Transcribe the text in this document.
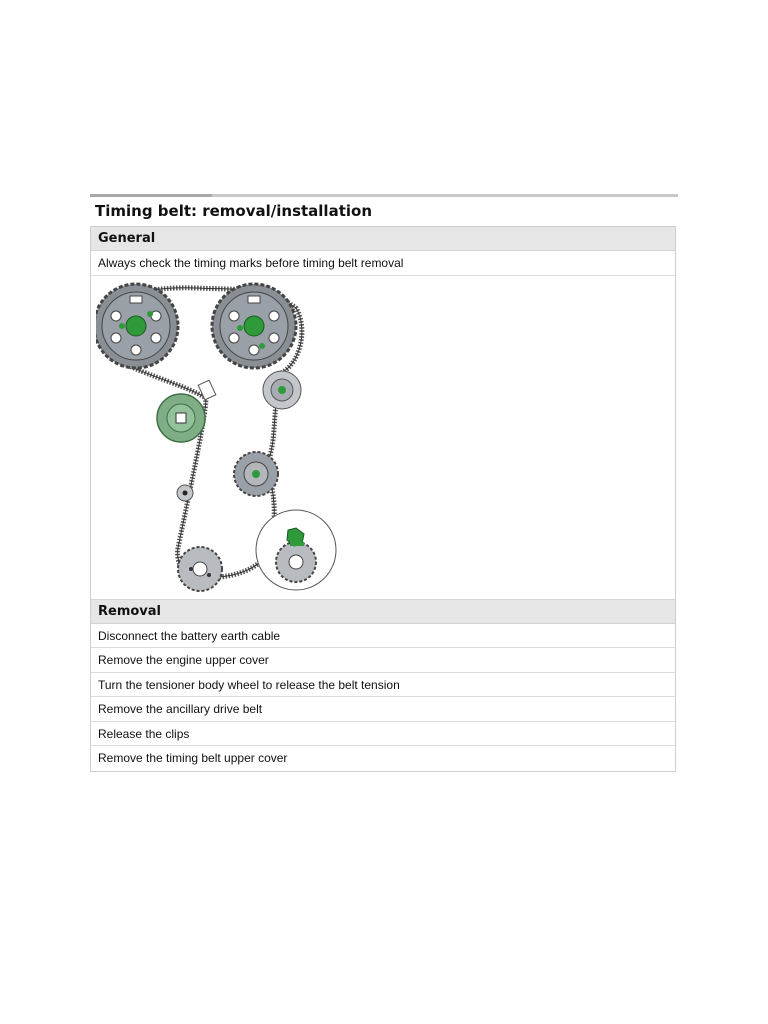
Timing belt: removal/installation
General
Always check the timing marks before timing belt removal
Removal
Disconnect the battery earth cable
Remove the engine upper cover
Turn the tensioner body wheel to release the belt tension
Remove the ancillary drive belt
Release the clips
Remove the timing belt upper cover
